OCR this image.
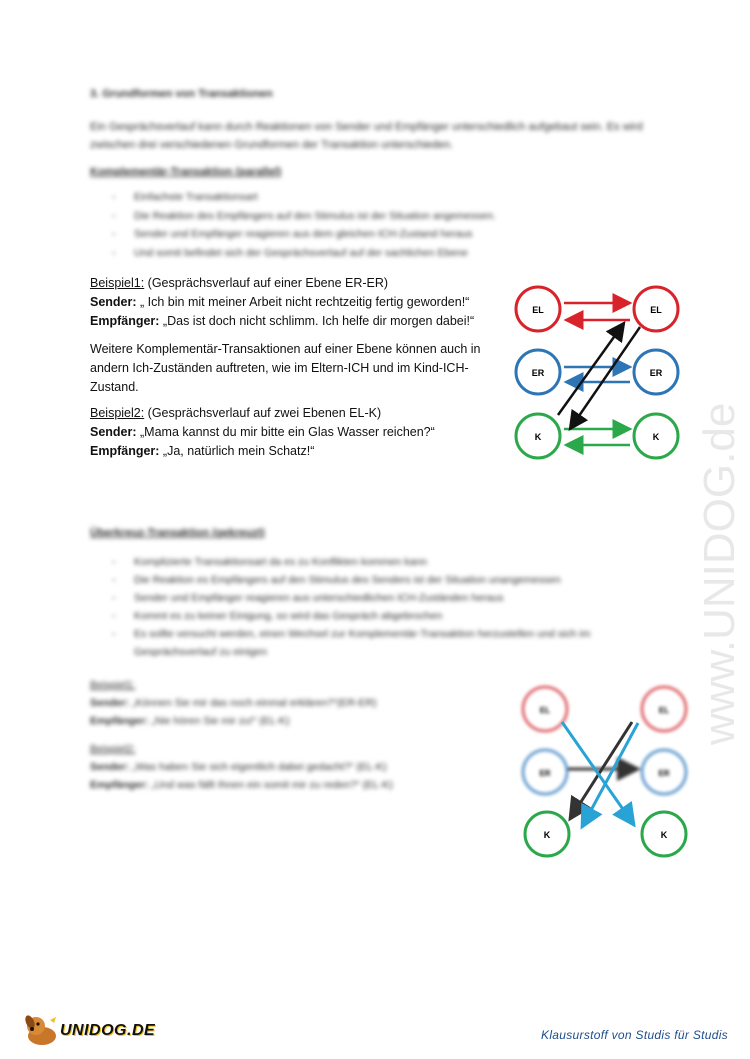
3. Grundformen von Transaktionen
Ein Gesprächsverlauf kann durch Reaktionen von Sender und Empfänger unterschiedlich aufgebaut sein. Es wird zwischen drei verschiedenen Grundformen der Transaktion unterschieden.
Komplementär-Transaktion (parallel)
- Einfachste Transaktionsart
- Die Reaktion des Empfängers auf den Stimulus ist der Situation angemessen.
- Sender und Empfänger reagieren aus dem gleichen ICH-Zustand heraus
- Und somit befindet sich der Gesprächsverlauf auf der sachlichen Ebene
Beispiel1: (Gesprächsverlauf auf einer Ebene ER-ER)
Sender: „ Ich bin mit meiner Arbeit nicht rechtzeitig fertig geworden!“
Empfänger: „Das ist doch nicht schlimm. Ich helfe dir morgen dabei!“
Weitere Komplementär-Transaktionen auf einer Ebene können auch in andern Ich-Zuständen auftreten, wie im Eltern-ICH und im Kind-ICH-Zustand.
Beispiel2: (Gesprächsverlauf auf zwei Ebenen EL-K)
Sender: „Mama kannst du mir bitte ein Glas Wasser reichen?“
Empfänger: „Ja, natürlich mein Schatz!“
EL	EL
ER	ER
K	K
Überkreuz-Transaktion (gekreuzt)
- Komplizierte Transaktionsart da es zu Konflikten kommen kann
- Die Reaktion es Empfängers auf den Stimulus des Senders ist der Situation unangemessen
- Sender und Empfänger reagieren aus unterschiedlichen ICH-Zuständen heraus
- Kommt es zu keiner Einigung, so wird das Gespräch abgebrochen
- Es sollte versucht werden, einen Wechsel zur Komplementär-Transaktion herzustellen und sich im Gesprächsverlauf zu einigen
Beispiel1:
Sender: „Können Sie mir das noch einmal erklären?“(ER-ER)
Empfänger: „Nie hören Sie mir zu!“ (EL-K)
Beispiel2:
Sender: „Was haben Sie sich eigentlich dabei gedacht?“ (EL-K)
Empfänger: „Und was fällt Ihnen ein somit mir zu reden?“ (EL-K)
EL	EL
ER	ER
K	K
www.UNIDOG.de
UNIDOG.DE	Klausurstoff von Studis für Studis
